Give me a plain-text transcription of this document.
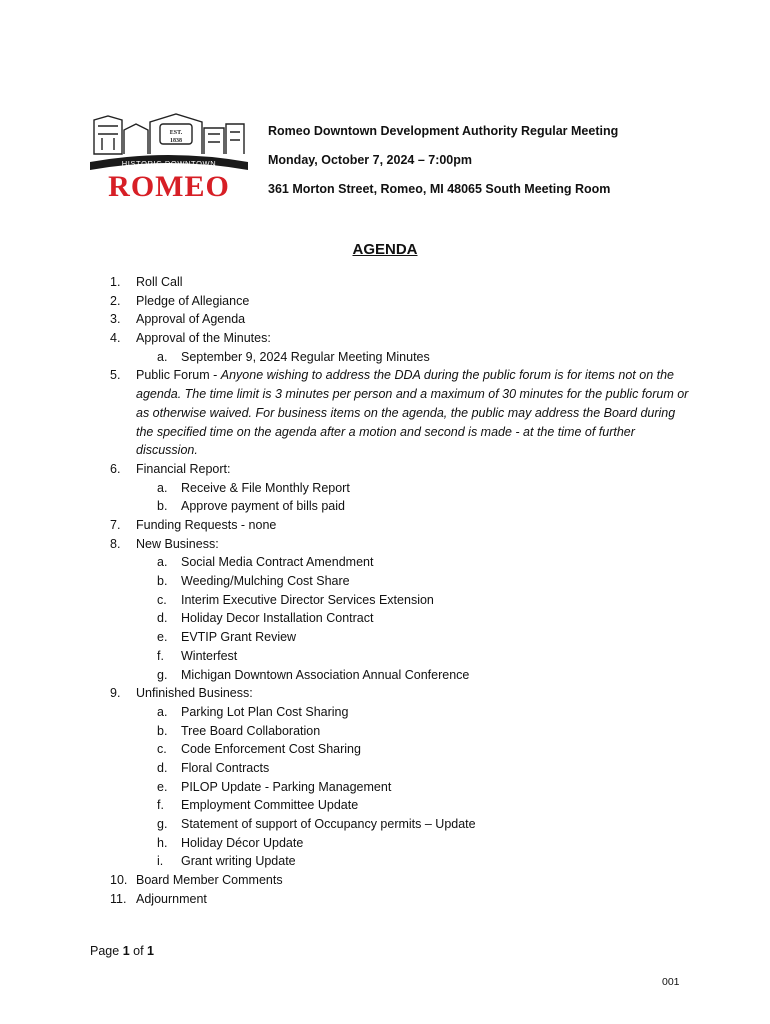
EST.
1838
HISTORIC DOWNTOWN
ROMEO
Romeo Downtown Development Authority Regular Meeting
Monday, October 7, 2024 – 7:00pm
361 Morton Street, Romeo, MI 48065 South Meeting Room
AGENDA
1.	Roll Call
2.	Pledge of Allegiance
3.	Approval of Agenda
4.	Approval of the Minutes:
a.	September 9, 2024 Regular Meeting Minutes
5.	Public Forum - Anyone wishing to address the DDA during the public forum is for items not on the agenda. The time limit is 3 minutes per person and a maximum of 30 minutes for the public forum or as otherwise waived. For business items on the agenda, the public may address the Board during the specified time on the agenda after a motion and second is made - at the time of further discussion.
6.	Financial Report:
a.	Receive & File Monthly Report
b.	Approve payment of bills paid
7.	Funding Requests - none
8.	New Business:
a.	Social Media Contract Amendment
b.	Weeding/Mulching Cost Share
c.	Interim Executive Director Services Extension
d.	Holiday Decor Installation Contract
e.	EVTIP Grant Review
f.	Winterfest
g.	Michigan Downtown Association Annual Conference
9.	Unfinished Business:
a.	Parking Lot Plan Cost Sharing
b.	Tree Board Collaboration
c.	Code Enforcement Cost Sharing
d.	Floral Contracts
e.	PILOP Update - Parking Management
f.	Employment Committee Update
g.	Statement of support of Occupancy permits – Update
h.	Holiday Décor Update
i.	Grant writing Update
10. Board Member Comments
11. Adjournment
Page 1 of 1
001
